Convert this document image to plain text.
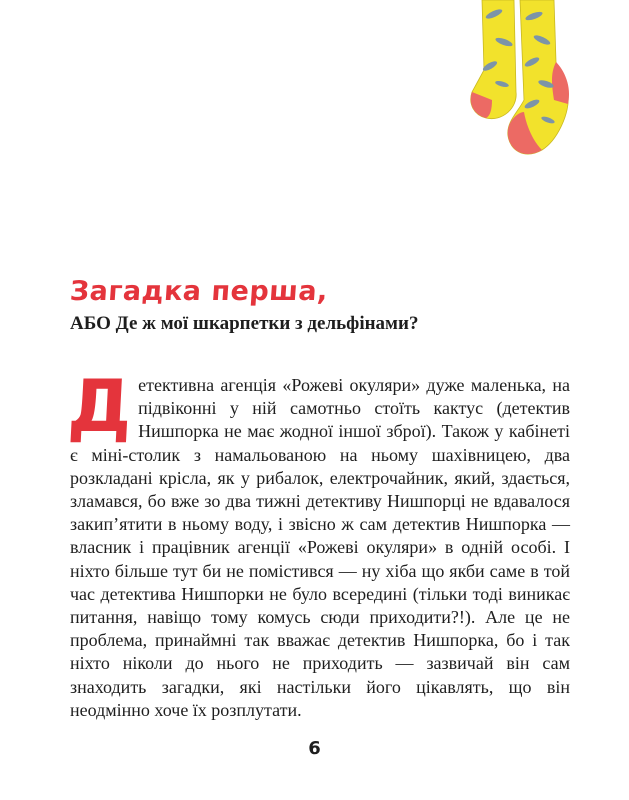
Загадка перша,
АБО Де ж мої шкарпетки з дельфінами?

Детективна агенція «Рожеві окуляри» дуже маленька, на підвіконні у ній самотньо стоїть кактус (детектив Нишпорка не має жодної іншої зброї). Також у кабінеті є міні-столик з намальованою на ньому шахівницею, два розкладані крісла, як у рибалок, електрочайник, який, здається, зламався, бо вже зо два тижні детективу Нишпорці не вдавалося закип’ятити в ньому воду, і звісно ж сам детектив Нишпорка — власник і працівник агенції «Рожеві окуляри» в одній особі. І ніхто більше тут би не помістився — ну хіба що якби саме в той час детектива Нишпорки не було всередині (тільки тоді виникає питання, навіщо тому комусь сюди приходити?!). Але це не проблема, принаймні так вважає детектив Нишпорка, бо і так ніхто ніколи до нього не приходить — зазвичай він сам знаходить загадки, які настільки його цікавлять, що він неодмінно хоче їх розплутати.

6
